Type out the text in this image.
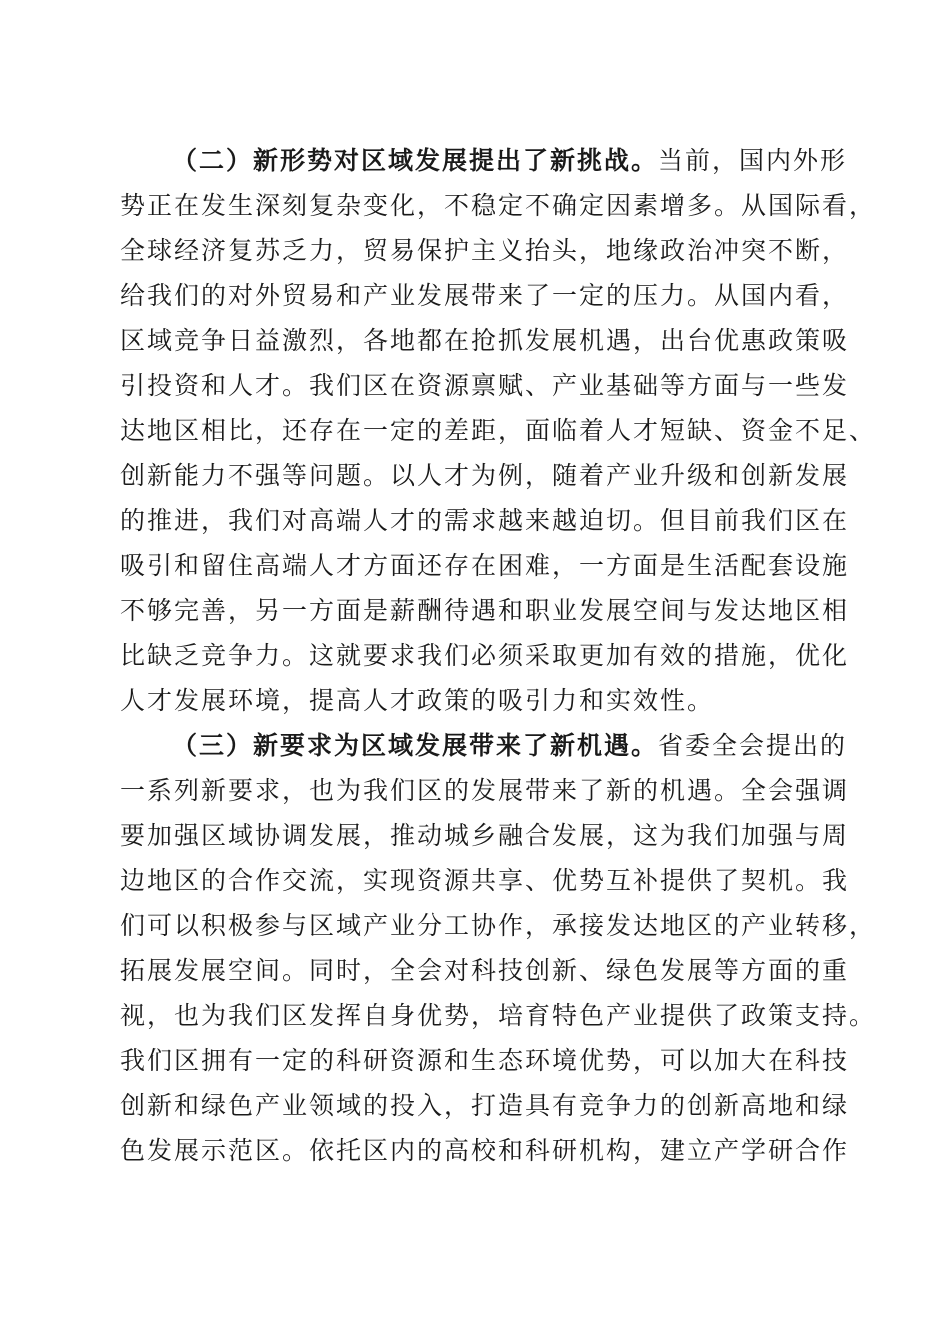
（二）新形势对区域发展提出了新挑战。当前，国内外形
势正在发生深刻复杂变化，不稳定不确定因素增多。从国际看，
全球经济复苏乏力，贸易保护主义抬头，地缘政治冲突不断，
给我们的对外贸易和产业发展带来了一定的压力。从国内看，
区域竞争日益激烈，各地都在抢抓发展机遇，出台优惠政策吸
引投资和人才。我们区在资源禀赋、产业基础等方面与一些发
达地区相比，还存在一定的差距，面临着人才短缺、资金不足、
创新能力不强等问题。以人才为例，随着产业升级和创新发展
的推进，我们对高端人才的需求越来越迫切。但目前我们区在
吸引和留住高端人才方面还存在困难，一方面是生活配套设施
不够完善，另一方面是薪酬待遇和职业发展空间与发达地区相
比缺乏竞争力。这就要求我们必须采取更加有效的措施，优化
人才发展环境，提高人才政策的吸引力和实效性。
（三）新要求为区域发展带来了新机遇。省委全会提出的
一系列新要求，也为我们区的发展带来了新的机遇。全会强调
要加强区域协调发展，推动城乡融合发展，这为我们加强与周
边地区的合作交流，实现资源共享、优势互补提供了契机。我
们可以积极参与区域产业分工协作，承接发达地区的产业转移，
拓展发展空间。同时，全会对科技创新、绿色发展等方面的重
视，也为我们区发挥自身优势，培育特色产业提供了政策支持。
我们区拥有一定的科研资源和生态环境优势，可以加大在科技
创新和绿色产业领域的投入，打造具有竞争力的创新高地和绿
色发展示范区。依托区内的高校和科研机构，建立产学研合作
